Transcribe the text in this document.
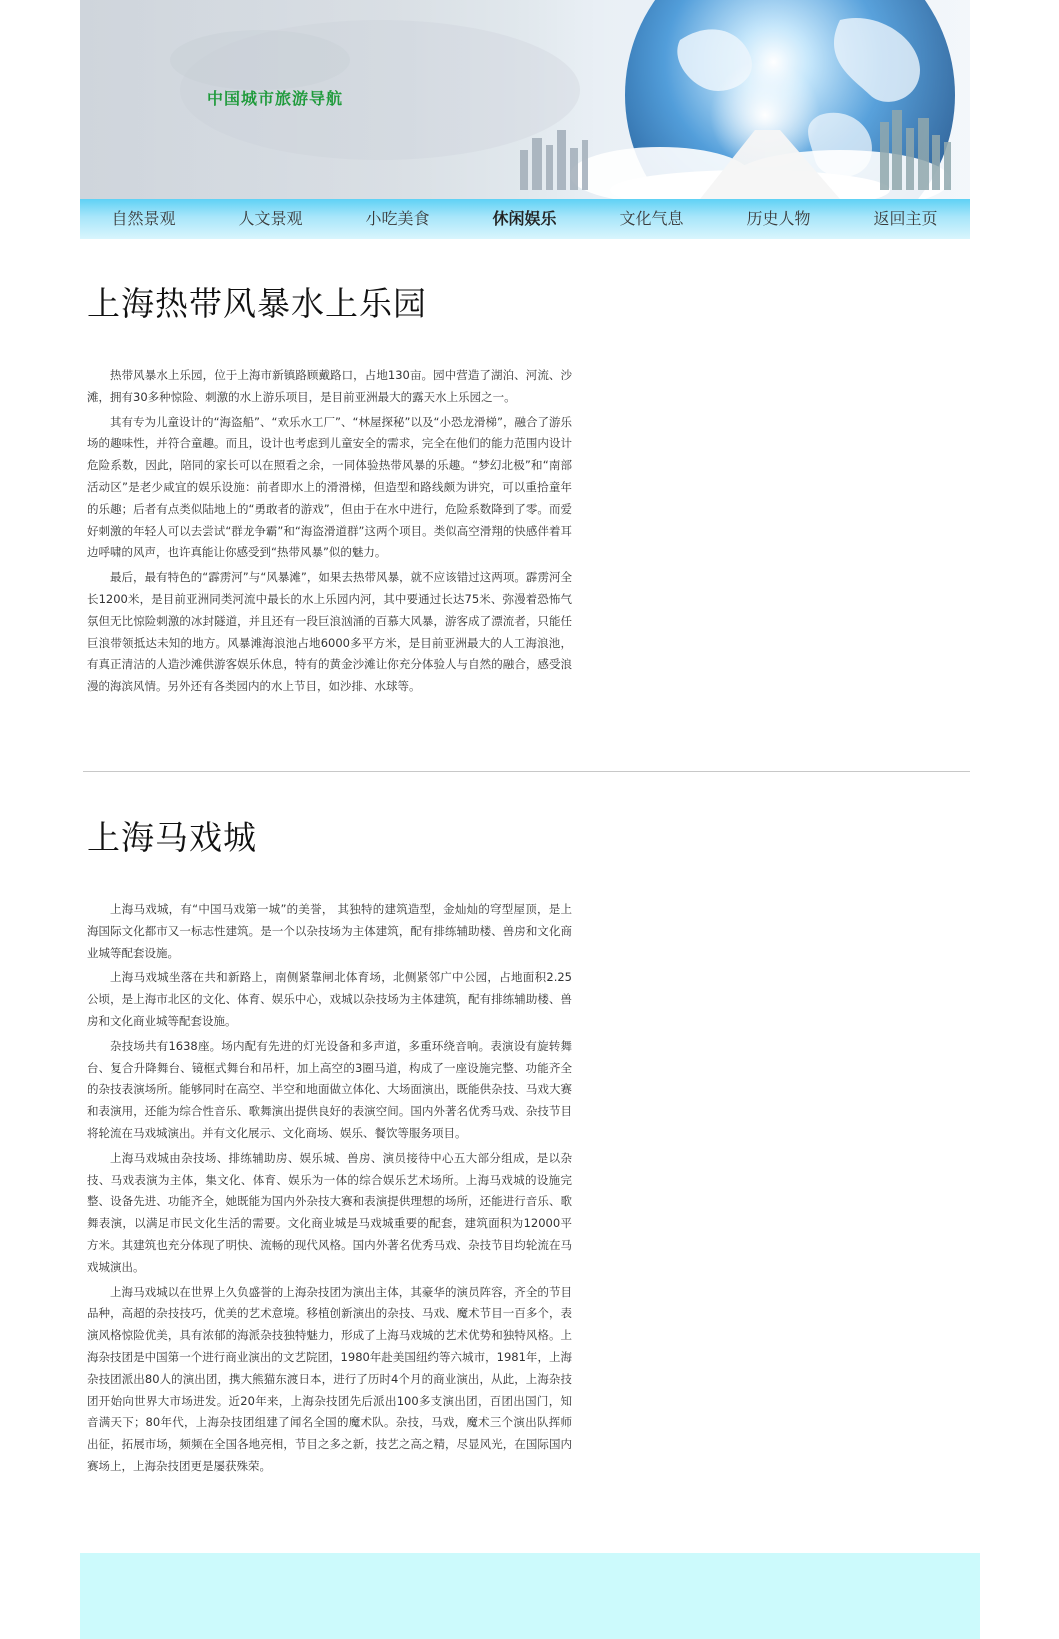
中国城市旅游导航
自然景观	人文景观	小吃美食	休闲娱乐	文化气息	历史人物	返回主页
上海热带风暴水上乐园

热带风暴水上乐园，位于上海市新镇路顾戴路口，占地130亩。园中营造了湖泊、河流、沙滩，拥有30多种惊险、刺激的水上游乐项目，是目前亚洲最大的露天水上乐园之一。

其有专为儿童设计的“海盗船”、“欢乐水工厂”、“林屋探秘”以及“小恐龙滑梯”，融合了游乐场的趣味性，并符合童趣。而且，设计也考虑到儿童安全的需求，完全在他们的能力范围内设计危险系数，因此，陪同的家长可以在照看之余，一同体验热带风暴的乐趣。“梦幻北极”和“南部活动区”是老少咸宜的娱乐设施：前者即水上的滑滑梯，但造型和路线颇为讲究，可以重拾童年的乐趣；后者有点类似陆地上的“勇敢者的游戏”，但由于在水中进行，危险系数降到了零。而爱好刺激的年轻人可以去尝试“群龙争霸”和“海盗滑道群”这两个项目。类似高空滑翔的快感伴着耳边呼啸的风声，也许真能让你感受到“热带风暴”似的魅力。

最后，最有特色的“霹雳河”与“风暴滩”，如果去热带风暴，就不应该错过这两项。霹雳河全长1200米，是目前亚洲同类河流中最长的水上乐园内河，其中要通过长达75米、弥漫着恐怖气氛但无比惊险刺激的冰封隧道，并且还有一段巨浪汹涌的百慕大风暴，游客成了漂流者，只能任巨浪带领抵达未知的地方。风暴滩海浪池占地6000多平方米，是目前亚洲最大的人工海浪池，有真正清洁的人造沙滩供游客娱乐休息，特有的黄金沙滩让你充分体验人与自然的融合，感受浪漫的海滨风情。另外还有各类园内的水上节目，如沙排、水球等。

上海马戏城

上海马戏城，有“中国马戏第一城”的美誉， 其独特的建筑造型，金灿灿的穹型屋顶，是上海国际文化都市又一标志性建筑。是一个以杂技场为主体建筑，配有排练辅助楼、兽房和文化商业城等配套设施。

上海马戏城坐落在共和新路上，南侧紧靠闸北体育场，北侧紧邻广中公园，占地面积2.25公顷，是上海市北区的文化、体育、娱乐中心，戏城以杂技场为主体建筑，配有排练辅助楼、兽房和文化商业城等配套设施。

杂技场共有1638座。场内配有先进的灯光设备和多声道，多重环绕音响。表演设有旋转舞台、复合升降舞台、镜框式舞台和吊杆，加上高空的3圈马道，构成了一座设施完整、功能齐全的杂技表演场所。能够同时在高空、半空和地面做立体化、大场面演出，既能供杂技、马戏大赛和表演用，还能为综合性音乐、歌舞演出提供良好的表演空间。国内外著名优秀马戏、杂技节目将轮流在马戏城演出。并有文化展示、文化商场、娱乐、餐饮等服务项目。

上海马戏城由杂技场、排练辅助房、娱乐城、兽房、演员接待中心五大部分组成，是以杂技、马戏表演为主体，集文化、体育、娱乐为一体的综合娱乐艺术场所。上海马戏城的设施完整、设备先进、功能齐全，她既能为国内外杂技大赛和表演提供理想的场所，还能进行音乐、歌舞表演，以满足市民文化生活的需要。文化商业城是马戏城重要的配套，建筑面积为12000平方米。其建筑也充分体现了明快、流畅的现代风格。国内外著名优秀马戏、杂技节目均轮流在马戏城演出。

上海马戏城以在世界上久负盛誉的上海杂技团为演出主体，其豪华的演员阵容，齐全的节目品种，高超的杂技技巧，优美的艺术意境。移植创新演出的杂技、马戏、魔术节目一百多个，表演风格惊险优美，具有浓郁的海派杂技独特魅力，形成了上海马戏城的艺术优势和独特风格。上海杂技团是中国第一个进行商业演出的文艺院团，1980年赴美国纽约等六城市，1981年，上海杂技团派出80人的演出团，携大熊猫东渡日本，进行了历时4个月的商业演出，从此，上海杂技团开始向世界大市场进发。近20年来，上海杂技团先后派出100多支演出团，百团出国门，知音满天下；80年代，上海杂技团组建了闻名全国的魔术队。杂技，马戏，魔术三个演出队挥师出征，拓展市场，频频在全国各地亮相，节目之多之新，技艺之高之精，尽显风光，在国际国内赛场上，上海杂技团更是屡获殊荣。
